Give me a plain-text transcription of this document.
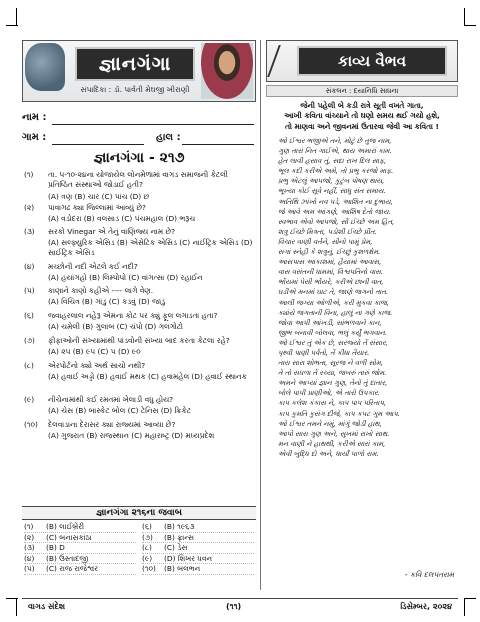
જ્ઞાનગંગા
સંપાદિકા : ડૉ. પાર્વતી મેઘજી ખીરાણી
નામ :
ગામ :	હાલ :
જ્ઞાનગંગા - ૨૧૭
(૧) તા. ૫-૧૦-૨૪ના યોજાયેલ લોનમેળામાં વાગડ સમાજની કેટલી પ્રતિષ્ઠિત સંસ્થાઓ જોડાઈ હતી?
(A) ત્રણ (B) ચાર (C) પાંચ (D) છ
(૨) પાવાગઢ ક્યા જિલ્લામાં આવ્યું છે?
(A) વડોદરા (B) વલસાડ (C) પંચમહાલ (D) ભરૂચ
(૩) સરકો Vinegar એ તેનું વાણિજ્ય નામ છે?
(A) સલ્ફ્યુરિક એસિડ (B) એસેટિક એસિડ (C) નાઈટ્રિક એસિડ (D) સાઈટ્રિક એસિડ
(૪) મચ્છોની નદી એટલે કઈ નદી?
(A) હયાંગહો (B) લિમ્પોપો (C) વાંગત્સા (D) રહાઈન
(૫) કાણાને કાણો કહીએ ---- લાગે વેણ.
(A) વિચિત્ર (B) ગાંડુ (C) કડવું (D) જાડું
(૬) જવાહરલાલ નહેરૂ એમના કોટ પર ક્યું ફૂલ લગાડતા હતા?
(A) ચમેલી (B) ગુલાબ (C) ચંપો (D) ગલગોટો
(૭) ફીફાઓની સંખ્યામાંથી પાંડવોની સંખ્યા બાદ કરતા કેટલા રહે?
(A) ૨૫ (B) ૯૫ (C) ૫ (D) ૯૦
(૮) એરપોર્ટનો ક્યો અર્થ સાચો નથી?
(A) હવાઈ અડ્ડો (B) હવાઈ મથક (C) હવામહેલ (D) હવાઈ સ્થાનક
(૯) નીચેનામાંથી કઈ રમતમાં ખેલાડી વધુ હોય?
(A) ચેસ (B) બાસ્કેટ બોલ (C) ટેનિસ (D) ક્રિકેટ
(૧૦) દેલવાડાના દેરાસર ક્યા રાજ્યમાં આવ્યા છે?
(A) ગુજરાત (B) રાજસ્થાન (C) મહારાષ્ટ્ર (D) મધ્યપ્રદેશ
જ્ઞાનગંગા ૨૧૬ના જવાબ
(૧)	(B) લાઈબ્રેરી
(૨)	(C) બનાસકાંઠા
(૩)	(B) D
(૪)	(B) ઉસ્તાદજી
(૫)	(C) રાજ રાજેશ્વર
(૬)	(B) ૧૯૬૩
(૭)	(B) ફ્રાન્સ
(૮)	(C) ડેસ
(૯)	(D) શિખર ધવન
(૧૦)	(B) બલભન
કાવ્ય વૈભવ
સંકલન : દયાનિધિ સાધના
જેની પહેલી બે કડી રાત્રે સૂતી વખતે ગાતા,
આખી કવિતા વાંચ્યાને તો ઘણો સમય થઈ ગયો હશે,
તો માણવા અને જીવનમાં ઉતારવા જેવી આ કવિતા !
ઓ ઈશ્વર ભજીએ તને, મોટું છે તુજ નામ,
ગુણ તારાં નિત ગાઈએ, થાય અમારાં કામ.
હેત લાવી હસાવ તું, સદા રાખ દિલ સાફ,
ભૂલ કદી કરીએ અમે, તો પ્રભુ કરજો માફ.
પ્રભુ એટલું આપજો, કુટુંબ પોષણ થાય,
ભૂખ્યા કોઈ સૂવે નહીં, સાધુ સંત સમાય.
અતિથિ ઝાંખો નવ પડે, આશિત ના દુભાય,
જે આવે અમ આંગણે, આશિષ દેતો જાય.
સ્વભાવ એવો આપજો, સૌ ઈચ્છે અમ હિત,
શત્રુ ઈચ્છે મિત્રતા, પડોશી ઈચ્છે પ્રીત.
વિચાર વાણી વર્તને, સૌનો પામું પ્રેમ,
સગાં સ્નેહી કે શત્રુનું, ઈચ્છું કુશળક્ષેમ.
આસપાસ આકાશમાં, હૈયામાં આવાસ,
વાસ વસંતની ધામમાં, વિશ્વપતિનો વાસ.
ભોંયમાં પેસી ભોંયરે, કરીએ છાની વાત,
ઘડીએ મનમાં ઘાટ તે, જાણે જગનો તાત.
આલી જગ્યા ઓળીએ, કરી મુકવા કાજ,
ક્યાંયે જગતાની વિના, હાલું ના ગણે કાજ.
જોવા આપી આંખડી, સાંભળવાને કાન,
જીભ બનાવી બોલવા, ભલું કર્યું ભગવાન.
ઓ ઈશ્વર તું એક છે, સરજ્યો તેં સંસાર,
પૃથ્વી પાણી પર્વતો, તેં કીધા તૈયાર.
તારા સારા શોભતા, સૂરજ ને વળી સોમ,
તે તો સઘળા તેં રચ્યા, જબરું તારું જોમ.
અમને આપ્યાં જ્ઞાન ગુણ, તેનો તું દાતાર,
બોલે પાપી પ્રાણીઓ, એ તારો ઉપકાર.
કાપ કલેશ કંકાસ ને, કાપ પાપ પરિતાપ,
કાપ કુમતિ કુસંગ દીજે, કાપ કપટ ગુમ આપ.
ઓ ઈશ્વર તમને નમું, માંગું જોડી હાથ,
આપો સારા ગુણ અને, સુખમાં રાખો સાથ.
મન વાણી ને હાથથી, કરીએ સારાં કામ,
એવી બુદ્ધિ દો અને, ધાર્યાં પાળો રામ.
- કવિ દલપતરામ
વાગડ સંદેશ	(૧૧)	ડિસેમ્બર, ૨૦૨૪
